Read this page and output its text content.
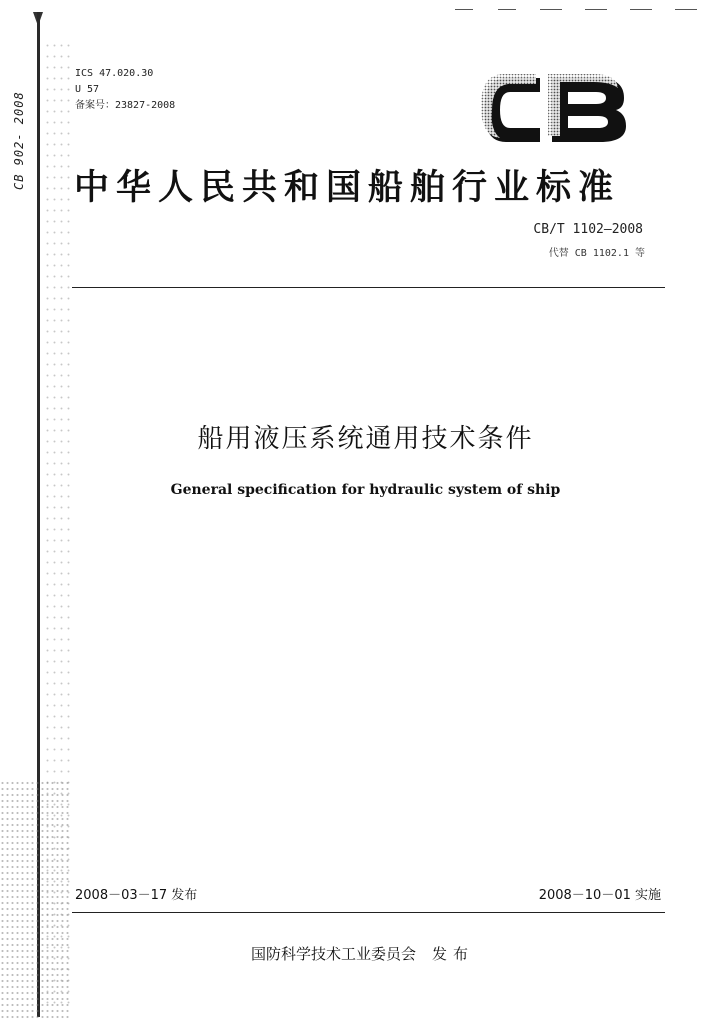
CB 902- 2008
ICS 47.020.30
U 57
备案号：23827-2008
中华人民共和国船舶行业标准
CB/T 1102—2008
代替 CB 1102.1 等
船用液压系统通用技术条件
General specification for hydraulic system of ship
2008－03－17 发布	2008－10－01 实施
国防科学技术工业委员会 发布
